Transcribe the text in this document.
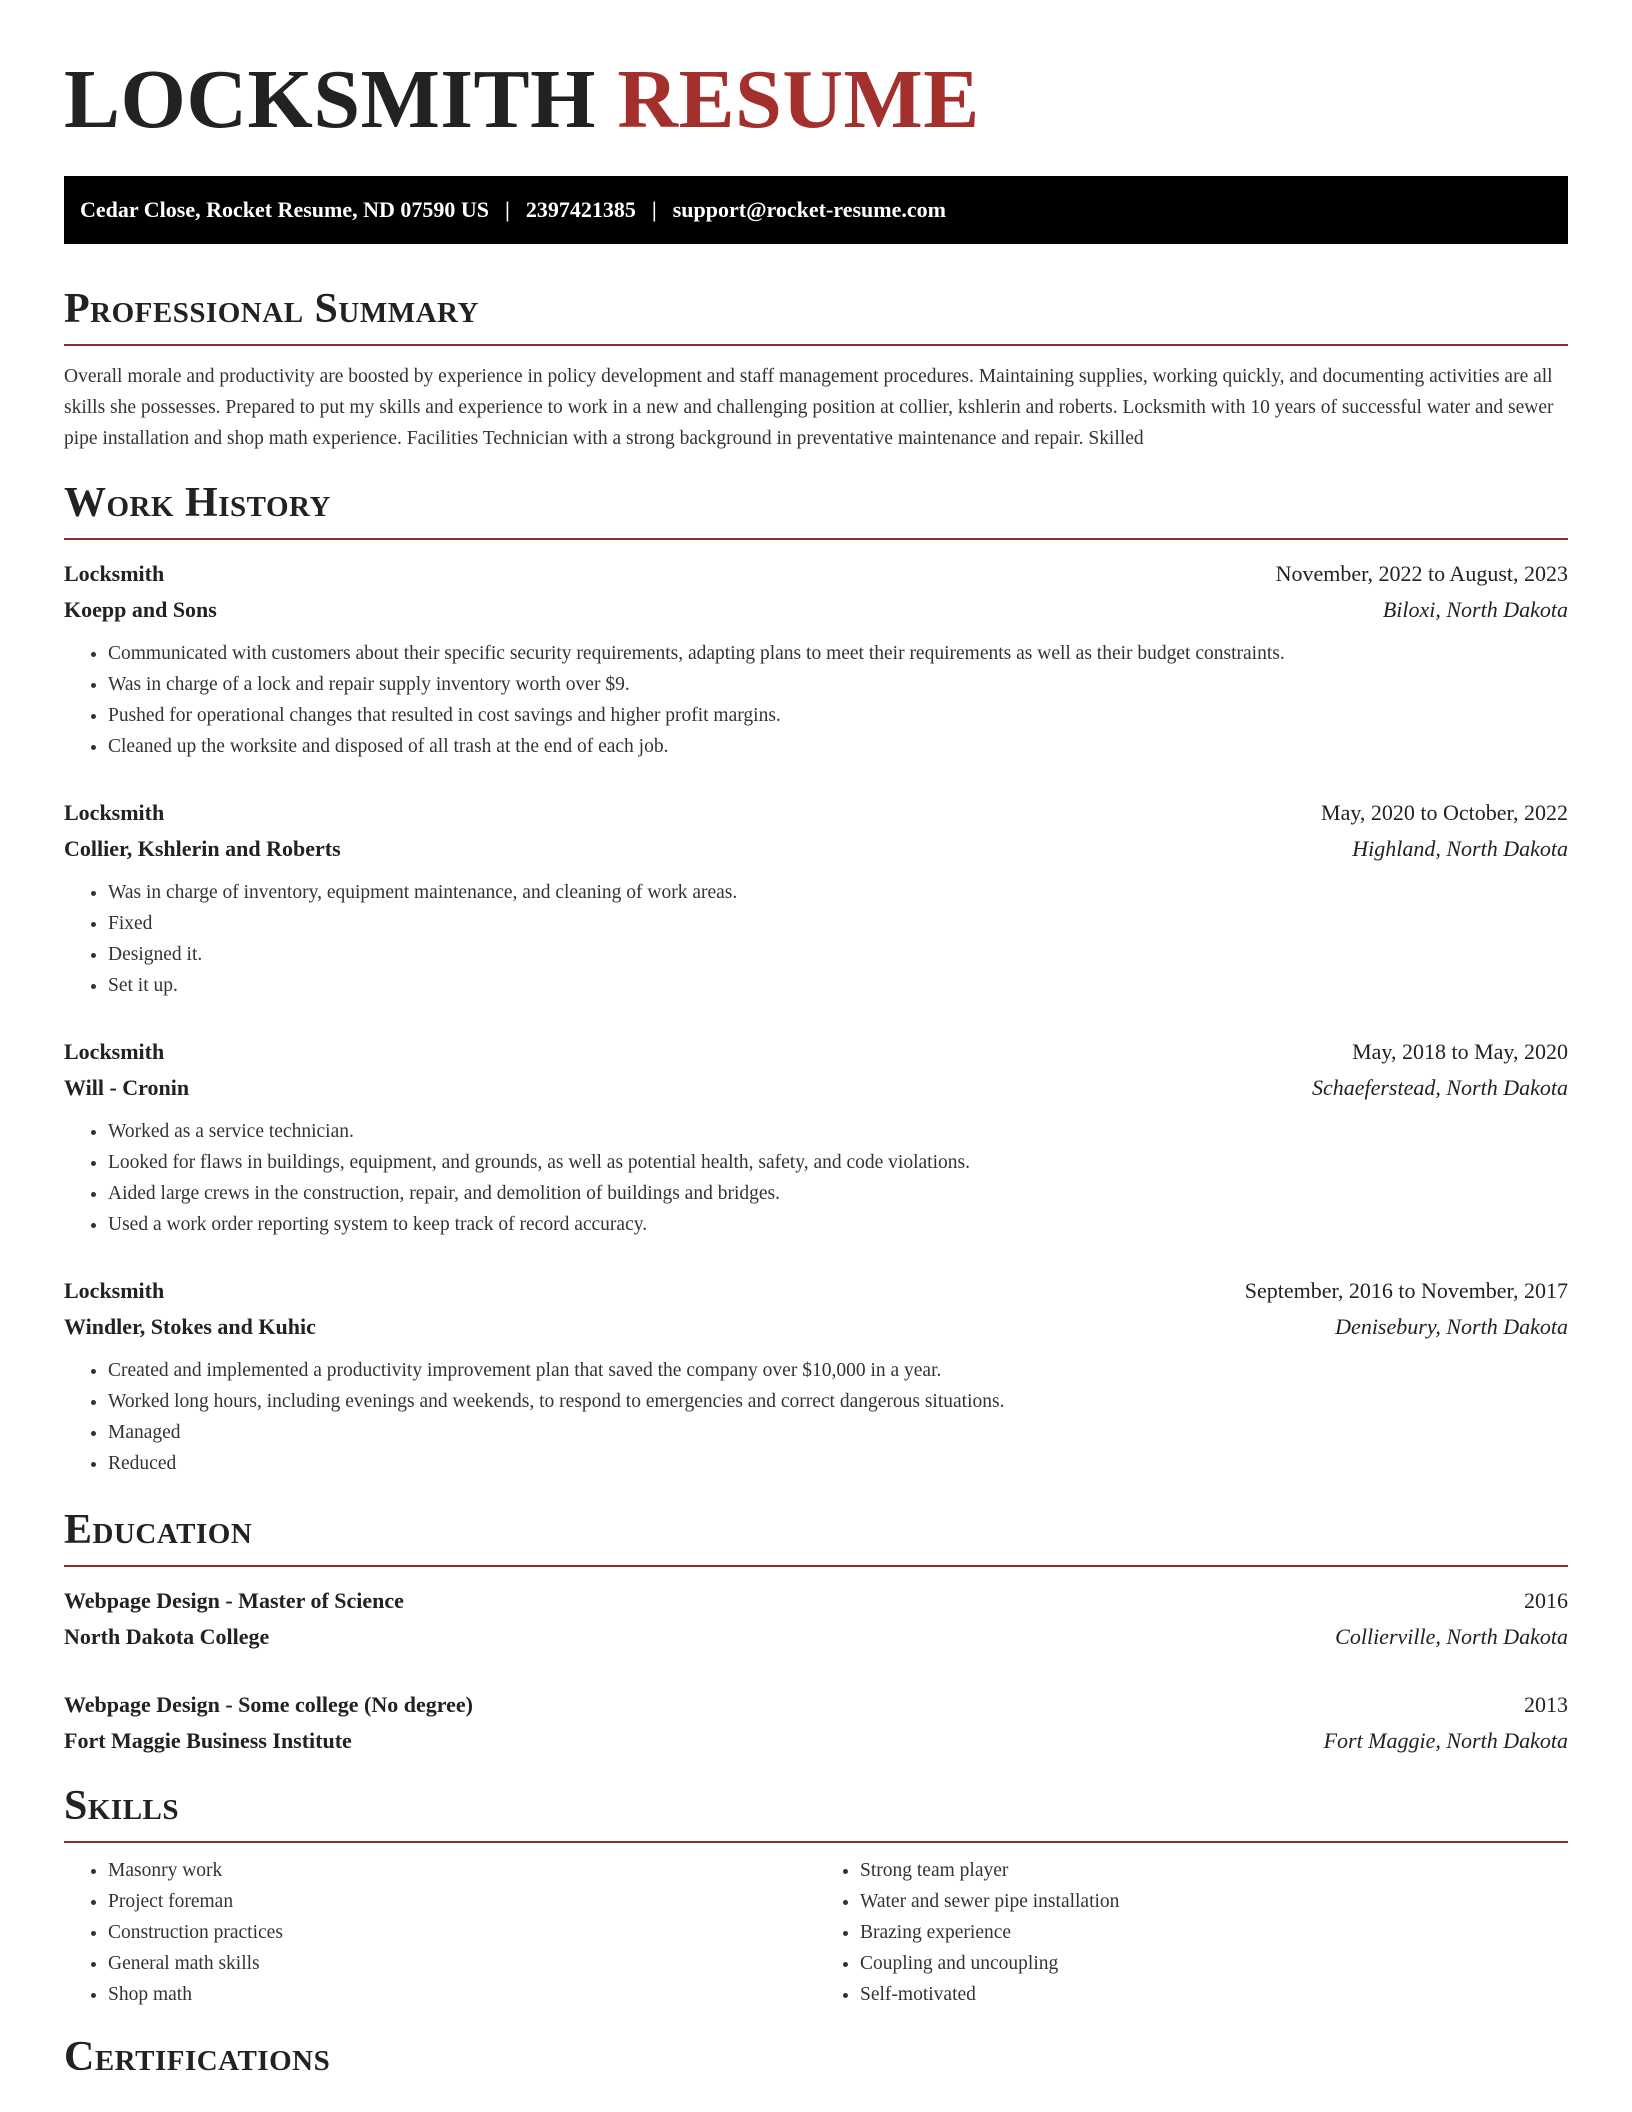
LOCKSMITH RESUME
Cedar Close, Rocket Resume, ND 07590 US | 2397421385 | support@rocket-resume.com
Professional Summary

Overall morale and productivity are boosted by experience in policy development and staff management procedures. Maintaining supplies, working quickly, and documenting activities are all skills she possesses. Prepared to put my skills and experience to work in a new and challenging position at collier, kshlerin and roberts. Locksmith with 10 years of successful water and sewer pipe installation and shop math experience. Facilities Technician with a strong background in preventative maintenance and repair. Skilled

Work History
Locksmith	November, 2022 to August, 2023
Koepp and Sons	Biloxi, North Dakota
• Communicated with customers about their specific security requirements, adapting plans to meet their requirements as well as their budget constraints.
• Was in charge of a lock and repair supply inventory worth over $9.
• Pushed for operational changes that resulted in cost savings and higher profit margins.
• Cleaned up the worksite and disposed of all trash at the end of each job.
Locksmith	May, 2020 to October, 2022
Collier, Kshlerin and Roberts	Highland, North Dakota
• Was in charge of inventory, equipment maintenance, and cleaning of work areas.
• Fixed
• Designed it.
• Set it up.
Locksmith	May, 2018 to May, 2020
Will - Cronin	Schaeferstead, North Dakota
• Worked as a service technician.
• Looked for flaws in buildings, equipment, and grounds, as well as potential health, safety, and code violations.
• Aided large crews in the construction, repair, and demolition of buildings and bridges.
• Used a work order reporting system to keep track of record accuracy.
Locksmith	September, 2016 to November, 2017
Windler, Stokes and Kuhic	Denisebury, North Dakota
• Created and implemented a productivity improvement plan that saved the company over $10,000 in a year.
• Worked long hours, including evenings and weekends, to respond to emergencies and correct dangerous situations.
• Managed
• Reduced
Education
Webpage Design - Master of Science	2016
North Dakota College	Collierville, North Dakota
Webpage Design - Some college (No degree)	2013
Fort Maggie Business Institute	Fort Maggie, North Dakota
Skills
• Masonry work
• Project foreman
• Construction practices
• General math skills
• Shop math
• Strong team player
• Water and sewer pipe installation
• Brazing experience
• Coupling and uncoupling
• Self-motivated
Certifications
